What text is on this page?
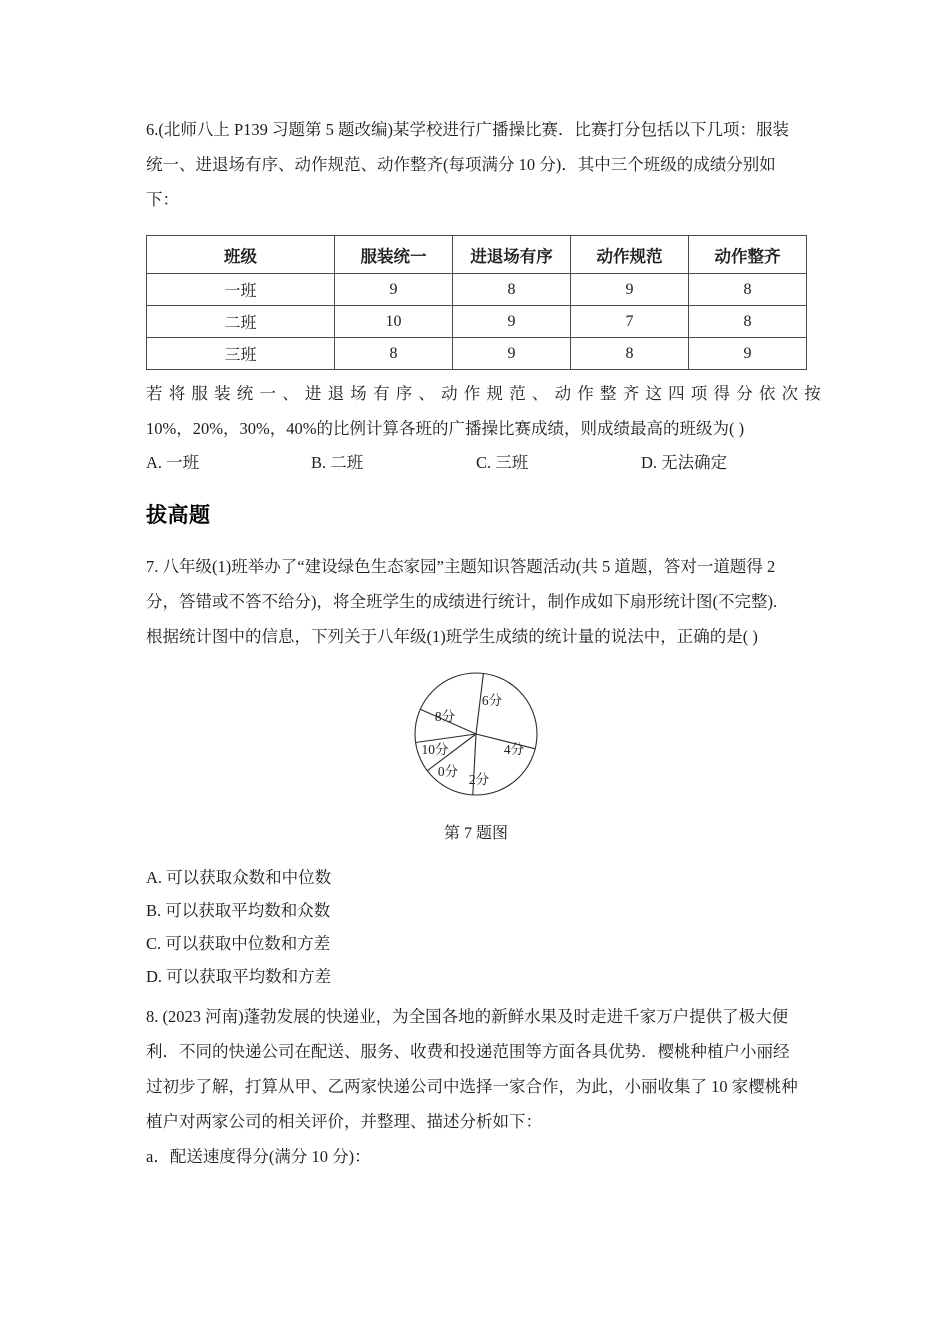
6.(北师八上 P139 习题第 5 题改编)某学校进行广播操比赛．比赛打分包括以下几项：服装

统一、进退场有序、动作规范、动作整齐(每项满分 10 分)．其中三个班级的成绩分别如

下：

班级	服装统一	进退场有序	动作规范	动作整齐
一班	9	8	9	8
二班	10	9	7	8
三班	8	9	8	9

若将服装统一、进退场有序、动作规范、动作整齐这四项得分依次按

10%，20%，30%，40%的比例计算各班的广播操比赛成绩，则成绩最高的班级为( )

A. 一班	B. 二班	C. 三班	D. 无法确定
拔高题

7. 八年级(1)班举办了“建设绿色生态家园”主题知识答题活动(共 5 道题，答对一道题得 2

分，答错或不答不给分)，将全班学生的成绩进行统计，制作成如下扇形统计图(不完整).

根据统计图中的信息，下列关于八年级(1)班学生成绩的统计量的说法中，正确的是( )

6分
4分
2分
0分
10分
8分
第 7 题图

A. 可以获取众数和中位数

B. 可以获取平均数和众数

C. 可以获取中位数和方差

D. 可以获取平均数和方差

8. (2023 河南)蓬勃发展的快递业，为全国各地的新鲜水果及时走进千家万户提供了极大便

利．不同的快递公司在配送、服务、收费和投递范围等方面各具优势．樱桃种植户小丽经

过初步了解，打算从甲、乙两家快递公司中选择一家合作，为此，小丽收集了 10 家樱桃种

植户对两家公司的相关评价，并整理、描述分析如下：

a．配送速度得分(满分 10 分)：
